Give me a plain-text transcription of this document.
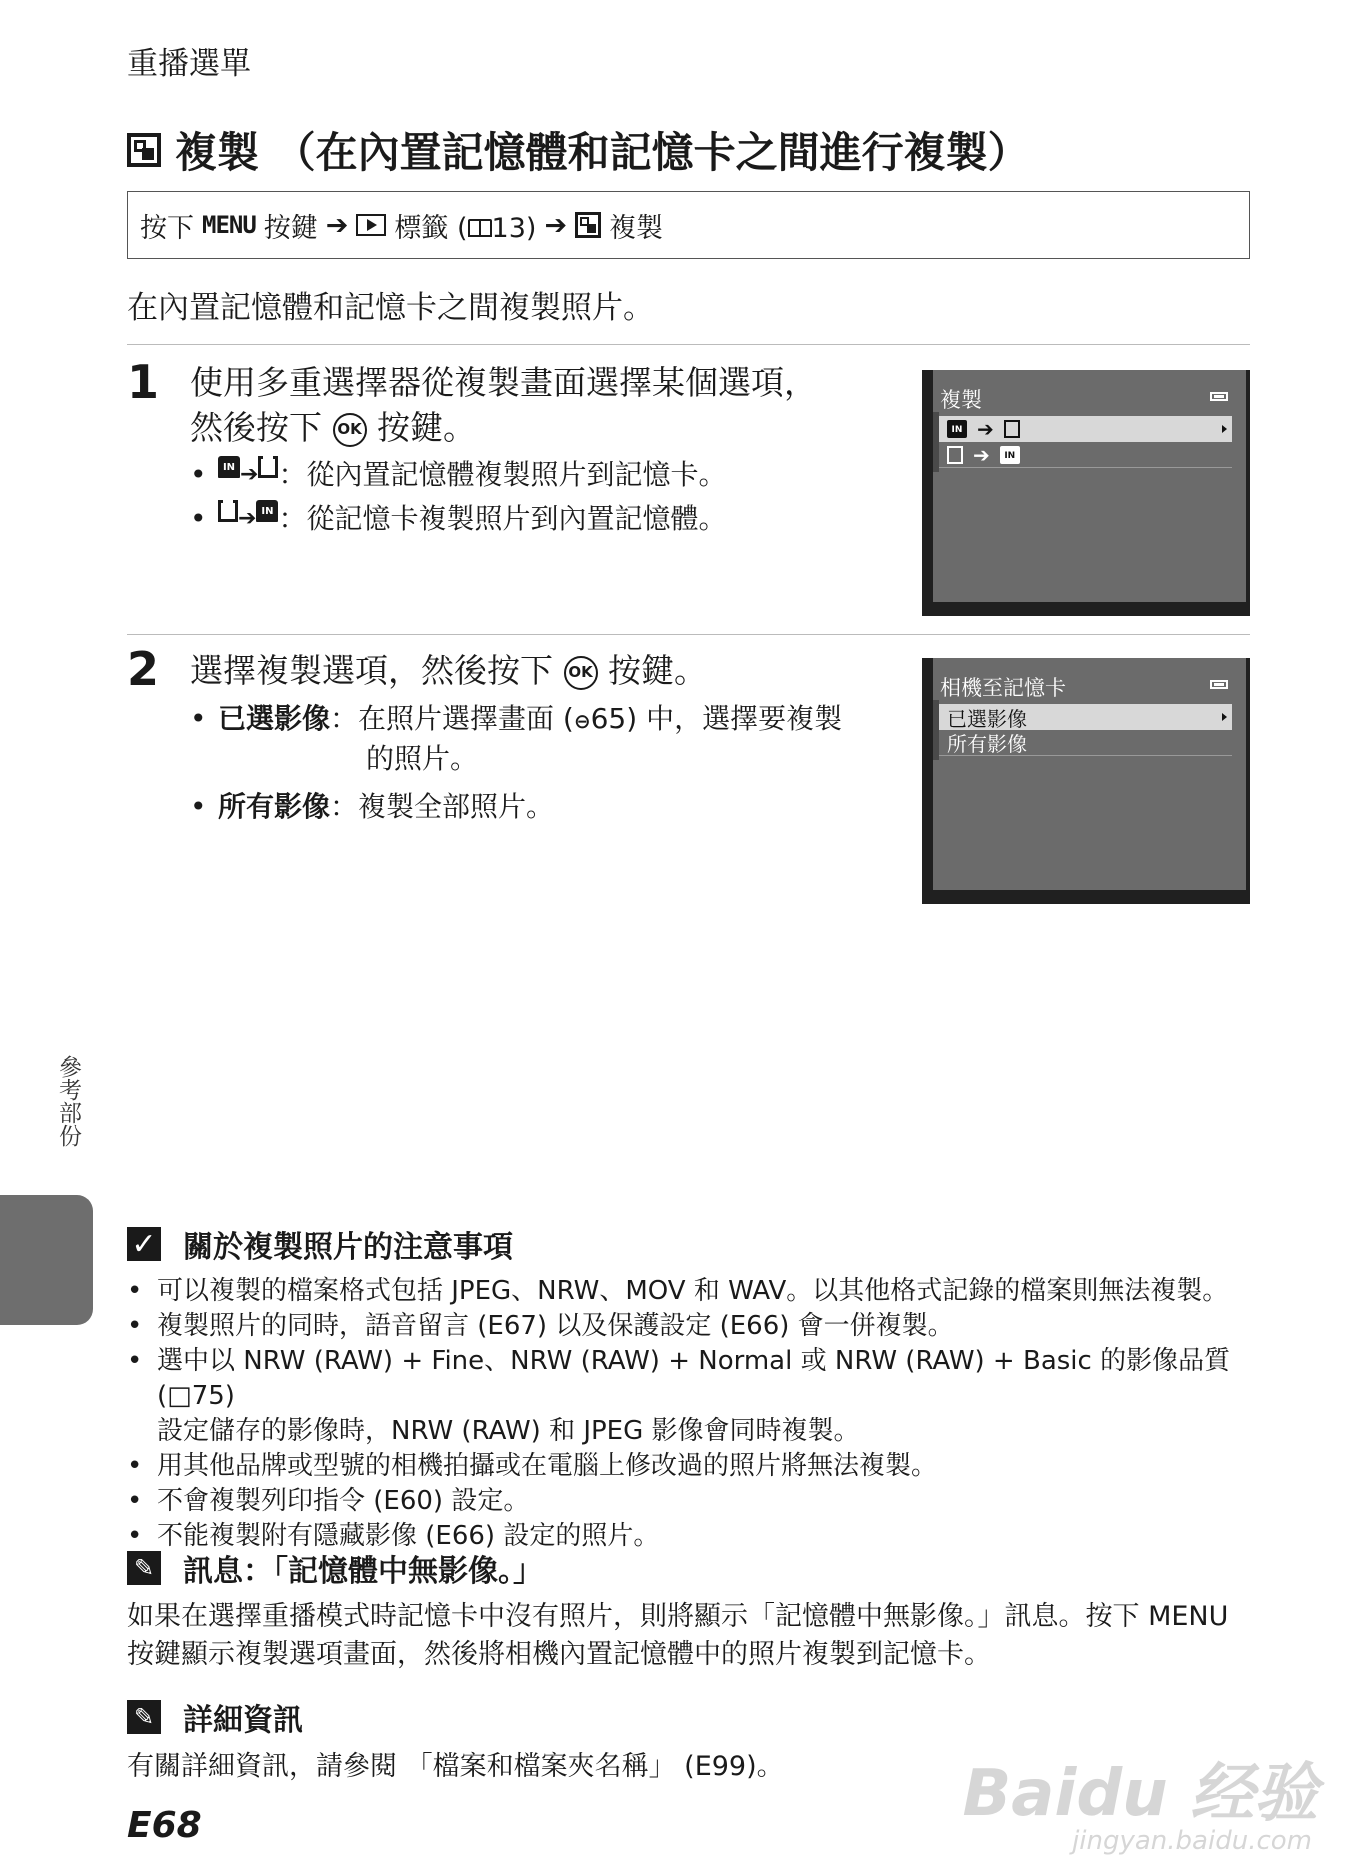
重播選單
複製 （在內置記憶體和記憶卡之間進行複製）
按下 MENU 按鍵 ➔ 標籤 ( 13) ➔ 複製
在內置記憶體和記憶卡之間複製照片。
1 使用多重選擇器從複製畫面選擇某個選項，
然後按下 OK 按鍵。
•	IN ➔ ：從內置記憶體複製照片到記憶卡。
•	➔ IN ：從記憶卡複製照片到內置記憶體。
複製
IN ➔
➔	IN
2 選擇複製選項，然後按下 OK 按鍵。
• 已選影像 ：在照片選擇畫面 (⊖65) 中，選擇要複製
的照片。
• 所有影像 ：複製全部照片。
相機至記憶卡
已選影像
所有影像
參考部份
✓ 關於複製照片的注意事項
• 可以複製的檔案格式包括 JPEG、NRW、MOV 和 WAV。以其他格式記錄的檔案則無法複製。
• 複製照片的同時，語音留言 (E67) 以及保護設定 (E66) 會一併複製。
• 選中以 NRW (RAW) + Fine、NRW (RAW) + Normal 或 NRW (RAW) + Basic 的影像品質 (□75)
設定儲存的影像時，NRW (RAW) 和 JPEG 影像會同時複製。
• 用其他品牌或型號的相機拍攝或在電腦上修改過的照片將無法複製。
• 不會複製列印指令 (E60) 設定。
• 不能複製附有隱藏影像 (E66) 設定的照片。
✎ 訊息：「記憶體中無影像。」
如果在選擇重播模式時記憶卡中沒有照片，則將顯示「記憶體中無影像。」訊息。按下 MENU
按鍵顯示複製選項畫面，然後將相機內置記憶體中的照片複製到記憶卡。
✎ 詳細資訊
有關詳細資訊，請參閱 「檔案和檔案夾名稱」 (E99)。
E68	Baidu 经验
jingyan.baidu.com
